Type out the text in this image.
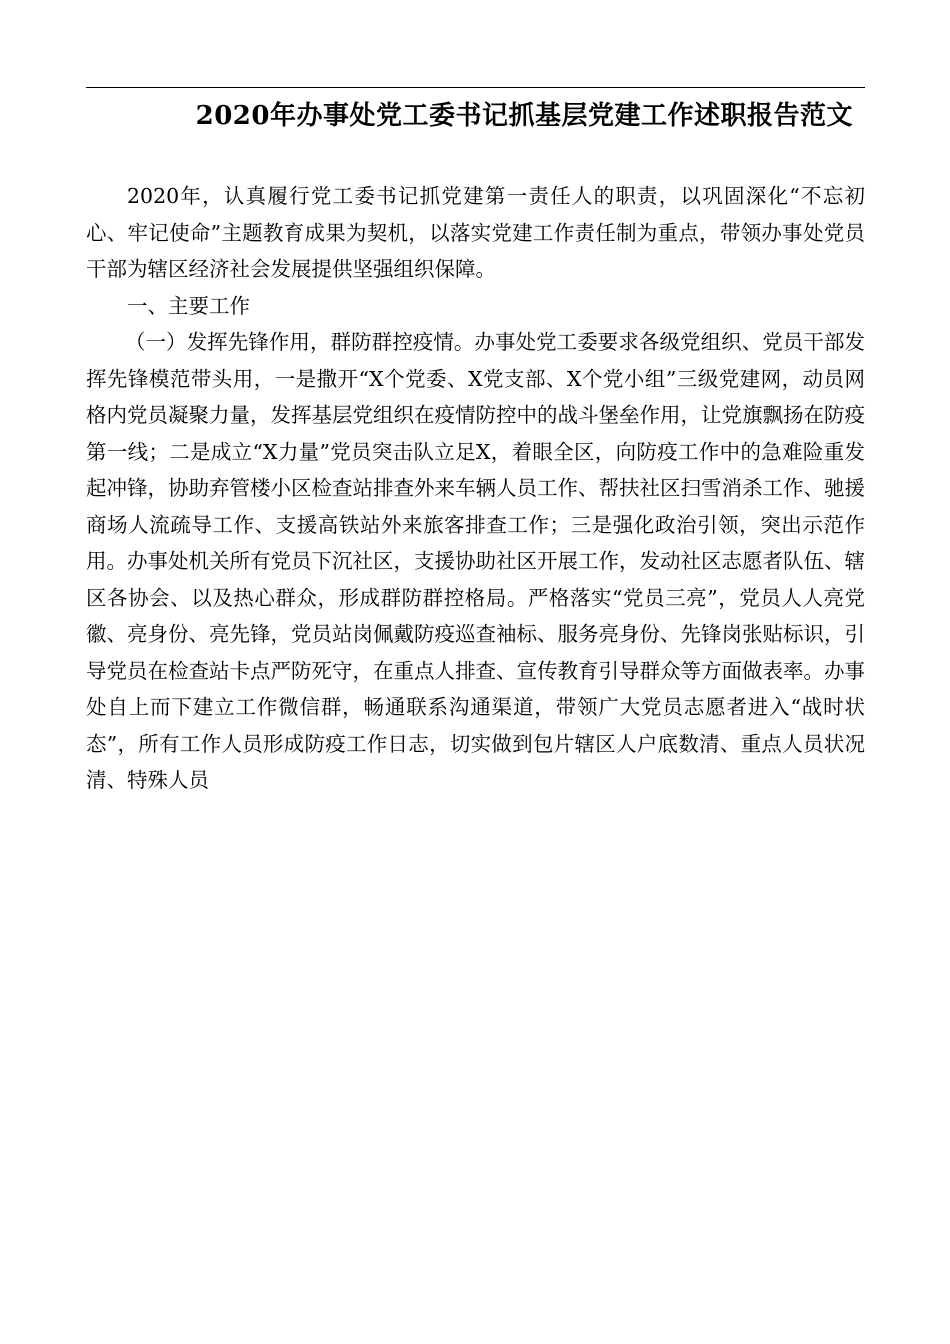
2020年办事处党工委书记抓基层党建工作述职报告范文

2020年，认真履行党工委书记抓党建第一责任人的职责，以巩固深化“不忘初心、牢记使命”主题教育成果为契机，以落实党建工作责任制为重点，带领办事处党员干部为辖区经济社会发展提供坚强组织保障。

一、主要工作

（一）发挥先锋作用，群防群控疫情。办事处党工委要求各级党组织、党员干部发挥先锋模范带头用，一是撒开“X个党委、X党支部、X个党小组”三级党建网，动员网格内党员凝聚力量，发挥基层党组织在疫情防控中的战斗堡垒作用，让党旗飘扬在防疫第一线；二是成立“X力量”党员突击队立足X，着眼全区，向防疫工作中的急难险重发起冲锋，协助弃管楼小区检查站排查外来车辆人员工作、帮扶社区扫雪消杀工作、驰援商场人流疏导工作、支援高铁站外来旅客排查工作；三是强化政治引领，突出示范作用。办事处机关所有党员下沉社区，支援协助社区开展工作，发动社区志愿者队伍、辖区各协会、以及热心群众，形成群防群控格局。严格落实“党员三亮”，党员人人亮党徽、亮身份、亮先锋，党员站岗佩戴防疫巡查袖标、服务亮身份、先锋岗张贴标识，引导党员在检查站卡点严防死守，在重点人排查、宣传教育引导群众等方面做表率。办事处自上而下建立工作微信群，畅通联系沟通渠道，带领广大党员志愿者进入“战时状态”，所有工作人员形成防疫工作日志，切实做到包片辖区人户底数清、重点人员状况清、特殊人员
